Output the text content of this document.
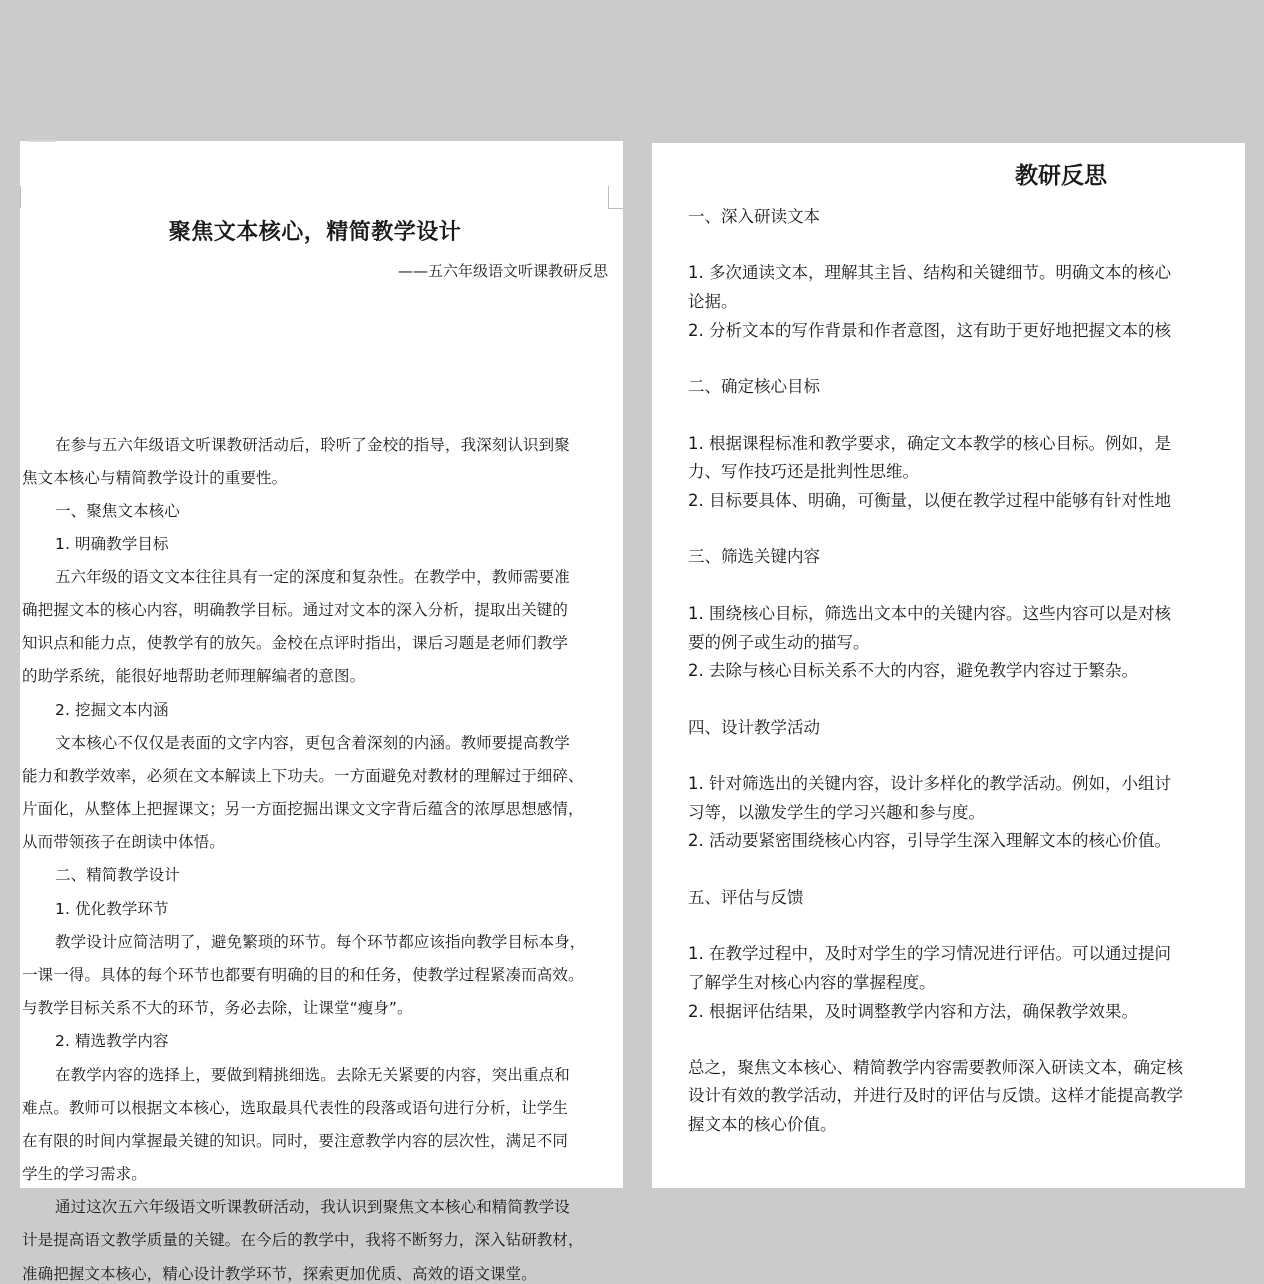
聚焦文本核心，精简教学设计
——五六年级语文听课教研反思
在参与五六年级语文听课教研活动后，聆听了金校的指导，我深刻认识到聚
焦文本核心与精简教学设计的重要性。
一、聚焦文本核心
1. 明确教学目标
五六年级的语文文本往往具有一定的深度和复杂性。在教学中，教师需要准
确把握文本的核心内容，明确教学目标。通过对文本的深入分析，提取出关键的
知识点和能力点，使教学有的放矢。金校在点评时指出，课后习题是老师们教学
的助学系统，能很好地帮助老师理解编者的意图。
2. 挖掘文本内涵
文本核心不仅仅是表面的文字内容，更包含着深刻的内涵。教师要提高教学
能力和教学效率，必须在文本解读上下功夫。一方面避免对教材的理解过于细碎、
片面化，从整体上把握课文；另一方面挖掘出课文文字背后蕴含的浓厚思想感情，
从而带领孩子在朗读中体悟。
二、精简教学设计
1. 优化教学环节
教学设计应简洁明了，避免繁琐的环节。每个环节都应该指向教学目标本身，
一课一得。具体的每个环节也都要有明确的目的和任务，使教学过程紧凑而高效。
与教学目标关系不大的环节，务必去除，让课堂“瘦身”。
2. 精选教学内容
在教学内容的选择上，要做到精挑细选。去除无关紧要的内容，突出重点和
难点。教师可以根据文本核心，选取最具代表性的段落或语句进行分析，让学生
在有限的时间内掌握最关键的知识。同时，要注意教学内容的层次性，满足不同
学生的学习需求。
通过这次五六年级语文听课教研活动，我认识到聚焦文本核心和精简教学设
计是提高语文教学质量的关键。在今后的教学中，我将不断努力，深入钻研教材，
准确把握文本核心，精心设计教学环节，探索更加优质、高效的语文课堂。
教研反思
一、深入研读文本
1. 多次通读文本，理解其主旨、结构和关键细节。明确文本的核心
论据。
2. 分析文本的写作背景和作者意图，这有助于更好地把握文本的核
二、确定核心目标
1. 根据课程标准和教学要求，确定文本教学的核心目标。例如，是
力、写作技巧还是批判性思维。
2. 目标要具体、明确，可衡量，以便在教学过程中能够有针对性地
三、筛选关键内容
1. 围绕核心目标，筛选出文本中的关键内容。这些内容可以是对核
要的例子或生动的描写。
2. 去除与核心目标关系不大的内容，避免教学内容过于繁杂。
四、设计教学活动
1. 针对筛选出的关键内容，设计多样化的教学活动。例如，小组讨
习等，以激发学生的学习兴趣和参与度。
2. 活动要紧密围绕核心内容，引导学生深入理解文本的核心价值。
五、评估与反馈
1. 在教学过程中，及时对学生的学习情况进行评估。可以通过提问
了解学生对核心内容的掌握程度。
2. 根据评估结果，及时调整教学内容和方法，确保教学效果。
总之，聚焦文本核心、精简教学内容需要教师深入研读文本，确定核
设计有效的教学活动，并进行及时的评估与反馈。这样才能提高教学
握文本的核心价值。
